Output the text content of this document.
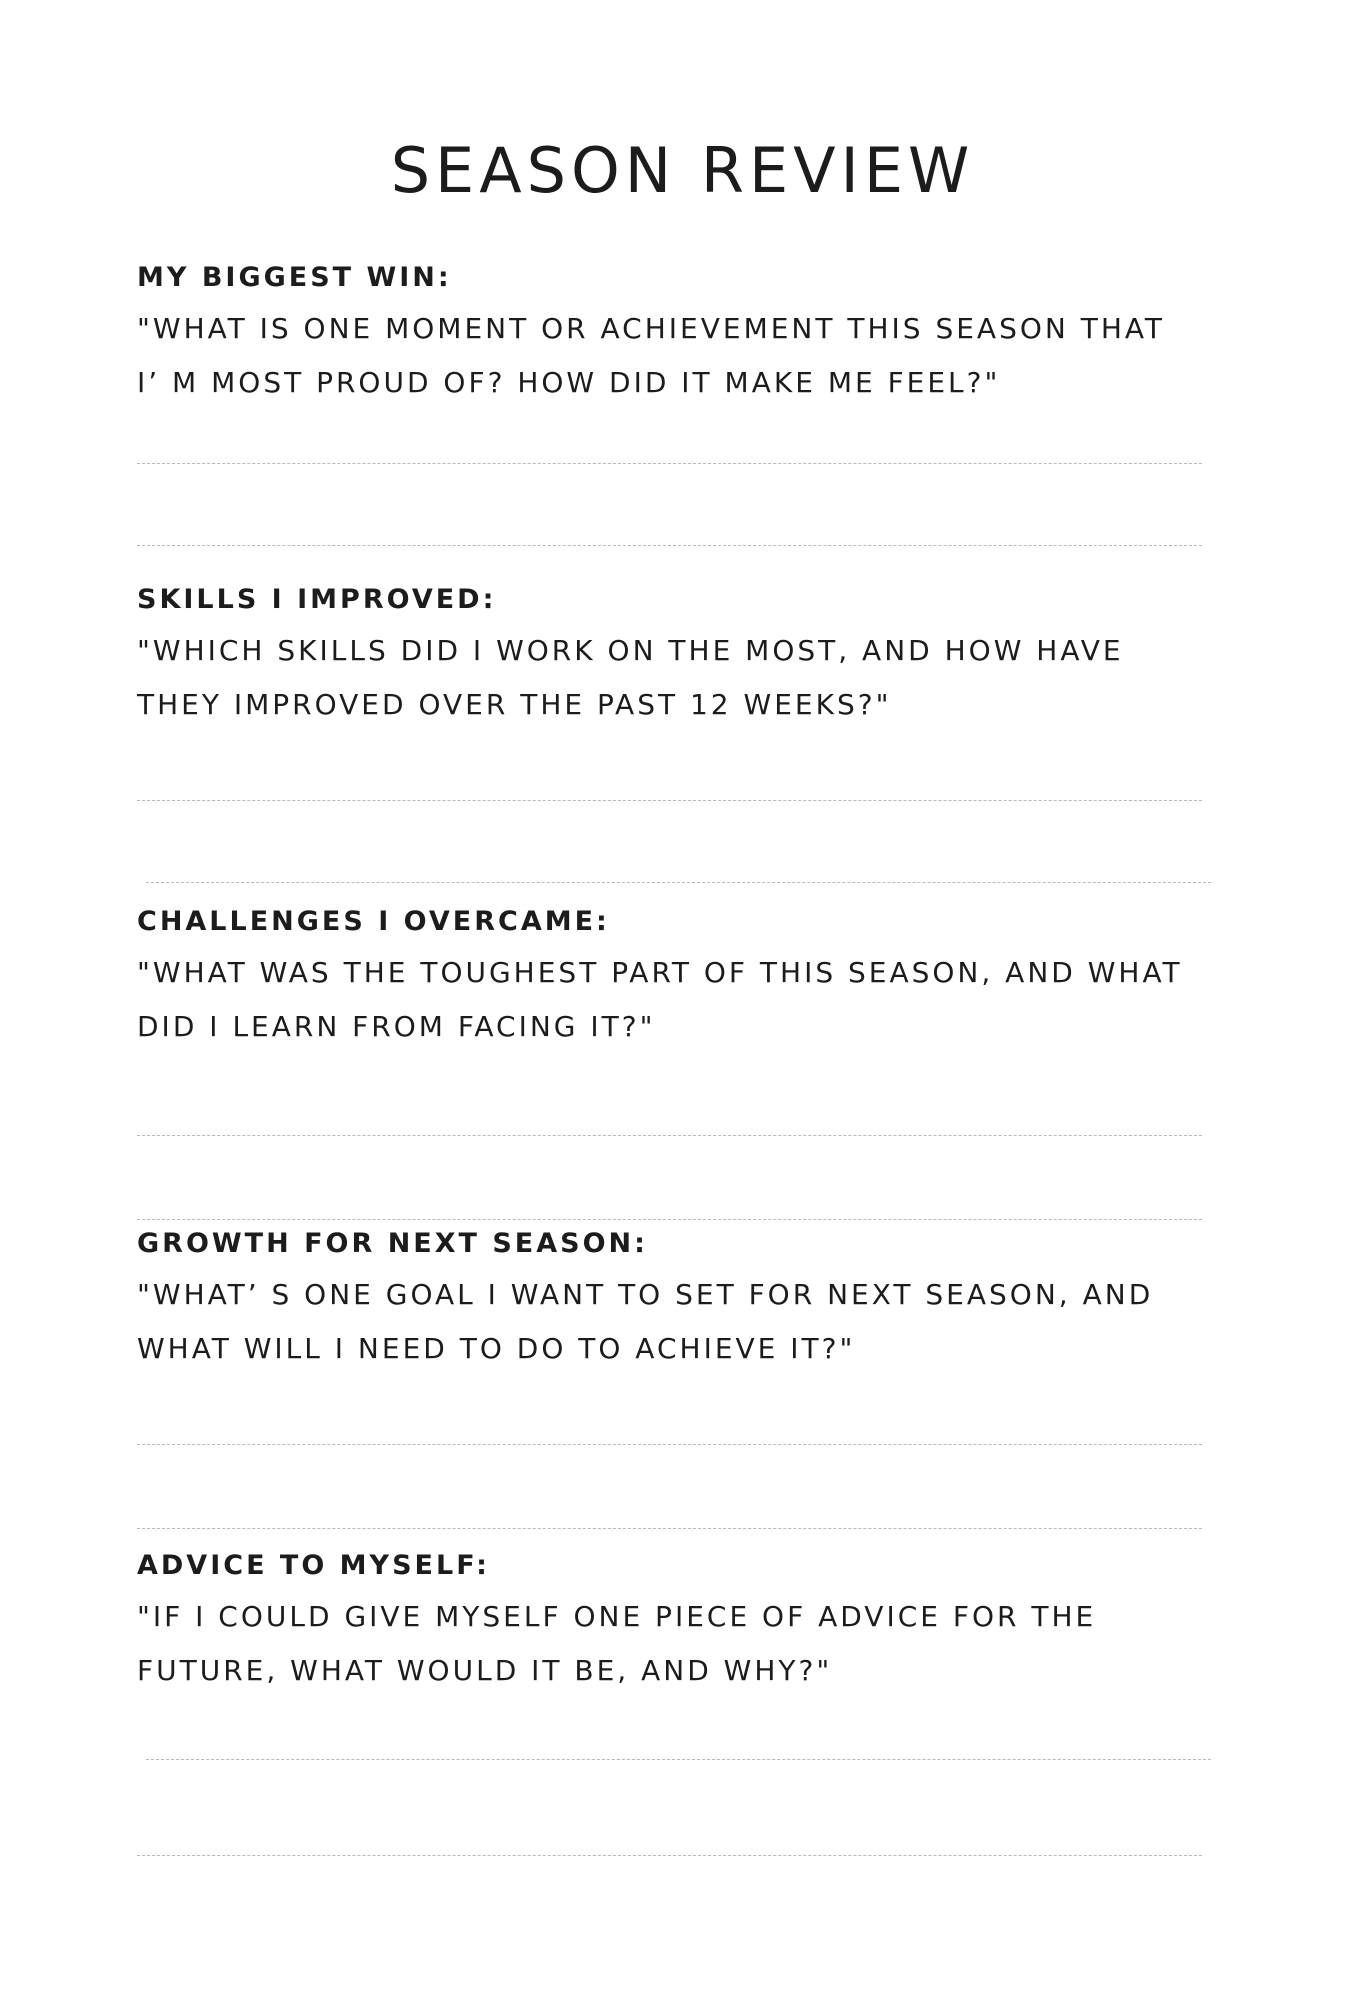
SEASON REVIEW
MY BIGGEST WIN:

"WHAT IS ONE MOMENT OR ACHIEVEMENT THIS SEASON THAT
I’ M MOST PROUD OF? HOW DID IT MAKE ME FEEL?"

SKILLS I IMPROVED:

"WHICH SKILLS DID I WORK ON THE MOST, AND HOW HAVE
THEY IMPROVED OVER THE PAST 12 WEEKS?"

CHALLENGES I OVERCAME:

"WHAT WAS THE TOUGHEST PART OF THIS SEASON, AND WHAT
DID I LEARN FROM FACING IT?"

GROWTH FOR NEXT SEASON:

"WHAT’ S ONE GOAL I WANT TO SET FOR NEXT SEASON, AND
WHAT WILL I NEED TO DO TO ACHIEVE IT?"

ADVICE TO MYSELF:

"IF I COULD GIVE MYSELF ONE PIECE OF ADVICE FOR THE
FUTURE, WHAT WOULD IT BE, AND WHY?"
